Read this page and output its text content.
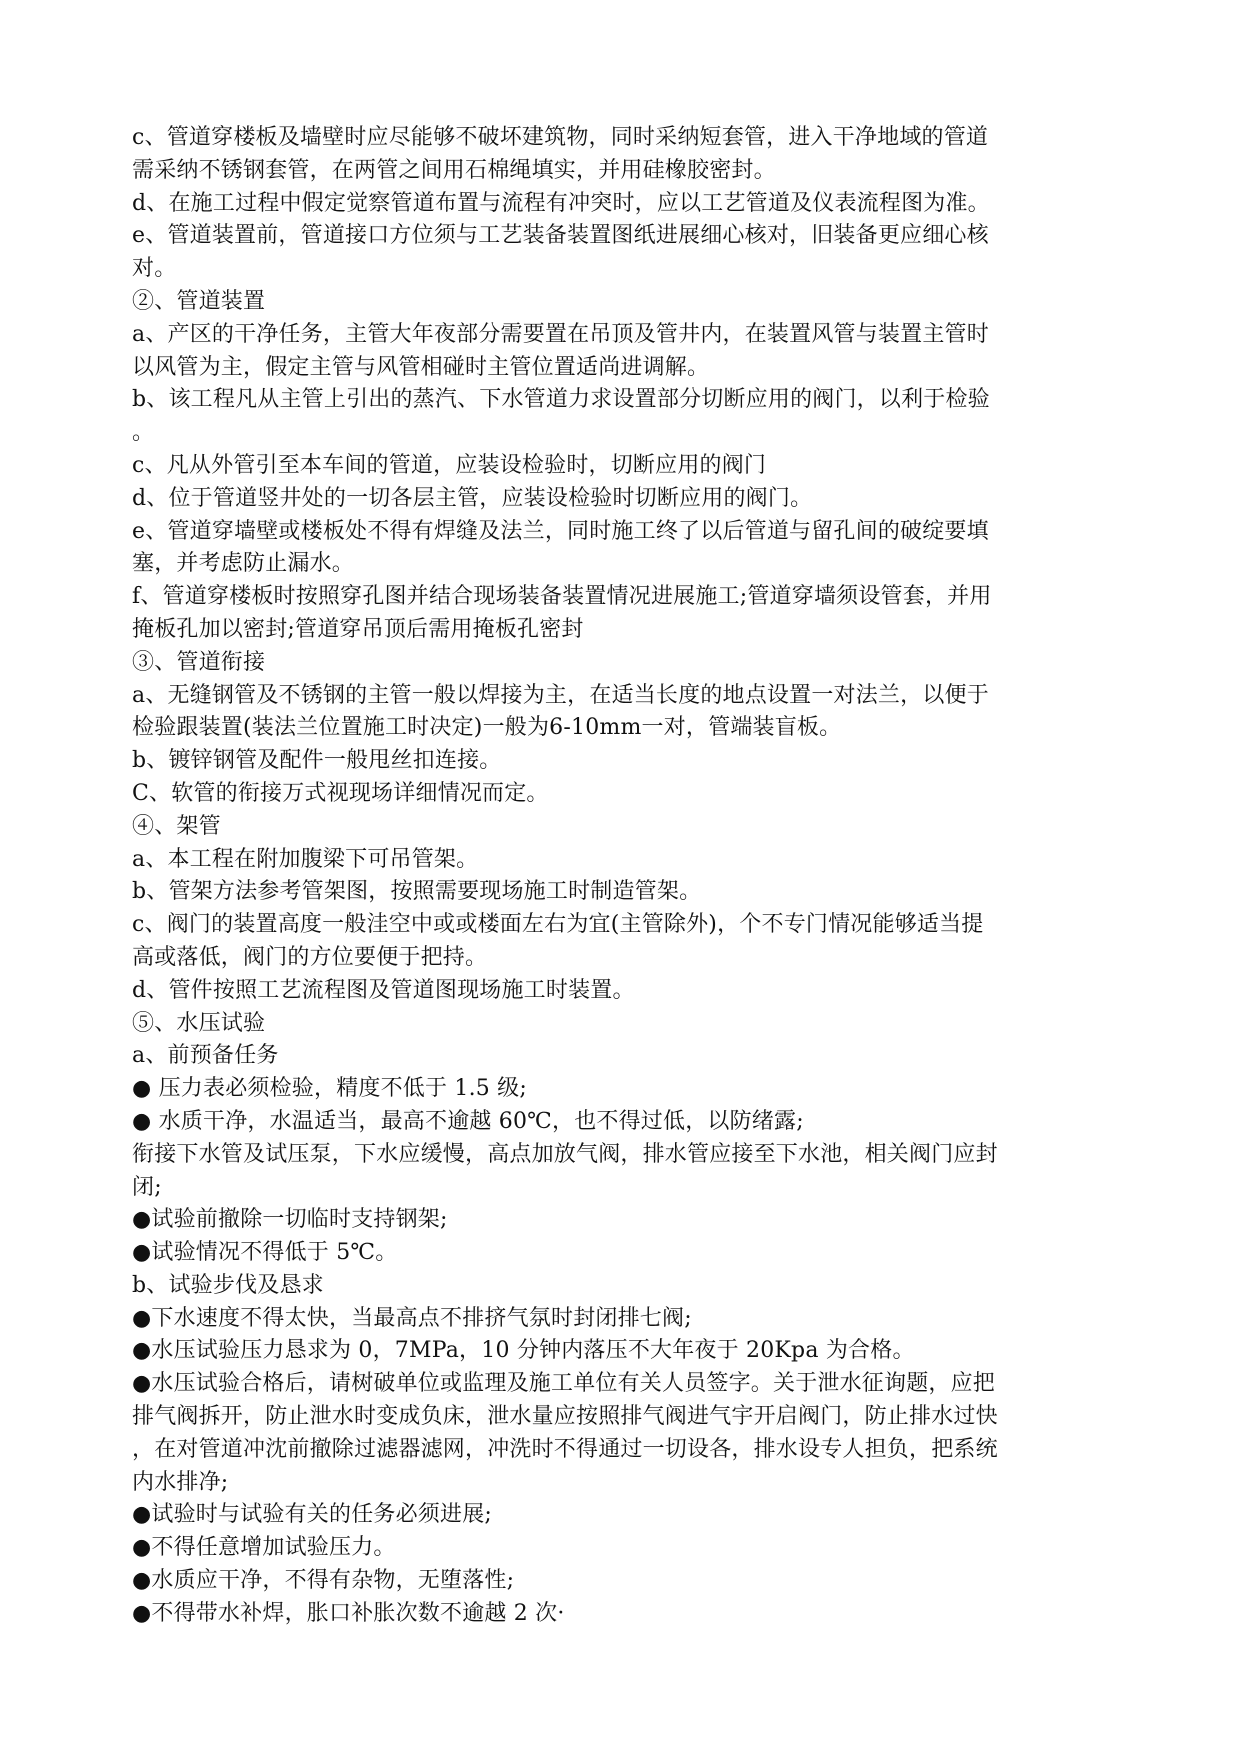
c、管道穿楼板及墙壁时应尽能够不破坏建筑物，同时采纳短套管，进入干净地域的管道
需采纳不锈钢套管，在两管之间用石棉绳填实，并用硅橡胶密封。
d、在施工过程中假定觉察管道布置与流程有冲突时，应以工艺管道及仪表流程图为准。
e、管道装置前，管道接口方位须与工艺装备装置图纸进展细心核对，旧装备更应细心核
对。
②、管道装置
a、产区的干净任务，主管大年夜部分需要置在吊顶及管井内，在装置风管与装置主管时
以风管为主，假定主管与风管相碰时主管位置适尚进调解。
b、该工程凡从主管上引出的蒸汽、下水管道力求设置部分切断应用的阀门，以利于检验
。
c、凡从外管引至本车间的管道，应装设检验时，切断应用的阀门
d、位于管道竖井处的一切各层主管，应装设检验时切断应用的阀门。
e、管道穿墙壁或楼板处不得有焊缝及法兰，同时施工终了以后管道与留孔间的破绽要填
塞，并考虑防止漏水。
f、管道穿楼板时按照穿孔图并结合现场装备装置情况进展施工;管道穿墙须设管套，并用
掩板孔加以密封;管道穿吊顶后需用掩板孔密封
③、管道衔接
a、无缝钢管及不锈钢的主管一般以焊接为主，在适当长度的地点设置一对法兰，以便于
检验跟装置(装法兰位置施工时决定)一般为6-10mm一对，管端装盲板。
b、镀锌钢管及配件一般甩丝扣连接。
C、软管的衔接万式视现场详细情况而定。
④、架管
a、本工程在附加腹梁下可吊管架。
b、管架方法参考管架图，按照需要现场施工时制造管架。
c、阀门的装置高度一般洼空中或或楼面左右为宜(主管除外)，个不专门情况能够适当提
高或落低，阀门的方位要便于把持。
d、管件按照工艺流程图及管道图现场施工时装置。
⑤、水压试验
a、前预备任务
● 压力表必须检验，精度不低于 1.5 级;
● 水质干净，水温适当，最高不逾越 60℃，也不得过低，以防绪露;
衔接下水管及试压泵，下水应缓慢，高点加放气阀，排水管应接至下水池，相关阀门应封
闭;
●试验前撤除一切临时支持钢架;
●试验情况不得低于 5℃。
b、试验步伐及恳求
●下水速度不得太快，当最高点不排挤气氛时封闭排七阀;
●水压试验压力恳求为 0，7MPa，10 分钟内落压不大年夜于 20Kpa 为合格。
●水压试验合格后，请树破单位或监理及施工单位有关人员签字。关于泄水征询题，应把
排气阀拆开，防止泄水时变成负床，泄水量应按照排气阀进气宇开启阀门，防止排水过快
，在对管道冲沈前撤除过滤器滤网，冲洗时不得通过一切设各，排水设专人担负，把系统
内水排净;
●试验时与试验有关的任务必须进展;
●不得任意增加试验压力。
●水质应干净，不得有杂物，无堕落性;
●不得带水补焊，胀口补胀次数不逾越 2 次·
